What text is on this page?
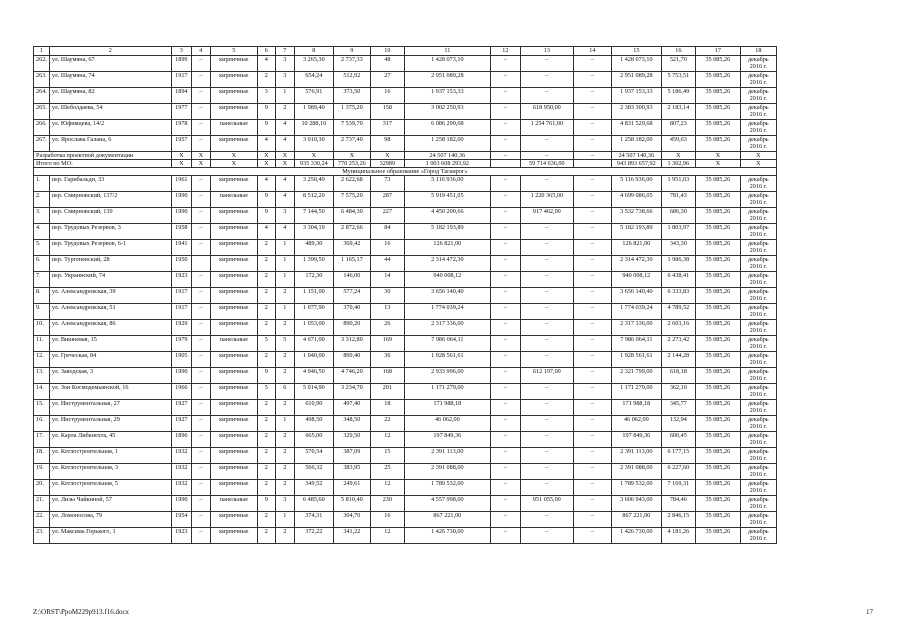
1	2	3	4	5	6	7	8	9	10	11	12	13	14	15	16	17	18
262.	ул. Шаумяна, 67	1899	–	кирпичные	4	3	3 265,30	2 737,33	48	1 428 073,10	–	–	–	1 428 073,10	521,70	35 085,26	декабрь 2016 г.
263.	ул. Шаумяна, 74	1917	–	кирпичные	2	3	654,24	512,92	27	2 951 089,28	–	–	–	2 951 089,28	5 753,51	35 085,26	декабрь 2016 г.
264.	ул. Шаумяна, 82	1894	–	кирпичные	3	1	576,91	373,50	16	1 937 153,33	–	–	–	1 937 153,33	5 186,49	35 085,26	декабрь 2016 г.
265.	ул. Шеболдаева, 54	1977	–	кирпичные	9	2	1 989,40	1 375,20	158	3 002 250,93	–	618 950,00	–	2 383 300,93	2 183,14	35 085,26	декабрь 2016 г.
266.	ул. Юфимцева, 14/2	1978	–	панельные	9	4	10 288,10	7 539,70	317	6 086 290,68	–	1 254 761,00	–	4 831 529,68	807,23	35 085,26	декабрь 2016 г.
267.	ул. Ярослава Галана, 6	1957	–	кирпичные	4	4	3 010,30	2 737,40	98	1 258 182,00	–	–	–	1 258 182,00	459,63	35 085,26	декабрь 2016 г.
Разработка проектной документации		X	X	X	X	X	X	X	X	24 507 140,36	–	–	–	24 507 140,36	X	X	X
Итого по МО:		X	X	X	X	X	935 330,24	770 253,26	32989	1 003 608 293,92		59 714 636,00		943 893 657,92	1 302,96	X	X
Муниципальное образование «Город Таганрог»																	
1.	пер. Гарибальди, 33	1961	–	кирпичные	4	4	3 250,49	2 622,68	73	5 116 936,00	–	–	–	5 116 936,00	1 951,03	35 085,26	декабрь 2016 г.
2.	пер. Смирновский, 137/2	1990	–	панельные	9	4	8 512,20	7 575,20	287	5 919 451,05	–	1 220 365,00	–	4 699 086,05	781,43	35 085,26	декабрь 2016 г.
3.	пер. Смирновский, 139	1990	–	кирпичные	9	3	7 144,50	6 484,30	227	4 450 200,66	–	917 462,00	–	3 532 738,66	686,30	35 085,26	декабрь 2016 г.
4.	пер. Трудовых Резервов, 3	1958	–	кирпичные	4	4	3 304,19	2 872,66	84	5 182 193,89	–	–	–	5 182 193,89	1 803,97	35 085,26	декабрь 2016 г.
5.	пер. Трудовых Резервов, 6-1	1941	–	кирпичные	2	1	489,30	369,42	16	126 821,00	–	–	–	126 821,00	343,30	35 085,26	декабрь 2016 г.
6.	пер. Тургеневский, 28	1950		кирпичные	2	1	1 399,50	1 165,17	44	2 314 472,30	–	–	–	2 314 472,30	1 986,38	35 085,26	декабрь 2016 г.
7.	пер. Украинский, 74	1923	–	кирпичные	2	1	172,30	146,00	14	940 008,12	–	–	–	940 008,12	6 438,41	35 085,26	декабрь 2016 г.
8.	ул. Александровская, 39	1917	–	кирпичные	2	2	1 151,00	577,24	30	3 656 140,40	–	–	–	3 656 140,40	6 333,83	35 085,26	декабрь 2016 г.
9.	ул. Александровская, 51	1917	–	кирпичные	2	1	1 077,90	370,40	13	1 774 039,24	–	–	–	1 774 039,24	4 789,52	35 085,26	декабрь 2016 г.
10.	ул. Александровская, 86	1929	–	кирпичные	2	2	1 053,00	890,20	26	2 317 336,00	–	–	–	2 317 336,00	2 603,16	35 085,26	декабрь 2016 г.
11.	ул. Вишневая, 15	1979	–	панельные	5	5	4 671,00	3 312,80	169	7 986 064,11	–	–	–	7 986 064,11	2 273,42	35 085,26	декабрь 2016 г.
12.	ул. Греческая, 84	1905	–	кирпичные	2	2	1 040,00	899,40	36	1 928 561,61	–	–	–	1 928 561,61	2 144,28	35 085,26	декабрь 2016 г.
13.	ул. Заводская, 3	1990	–	кирпичные	9	2	4 946,50	4 746,20	168	2 933 996,00	–	612 197,00	–	2 321 799,00	618,18	35 085,26	декабрь 2016 г.
14.	ул. Зои Космодемьянской, 16	1966	–	кирпичные	5	6	5 014,90	3 234,70	201	1 171 279,00	–	–	–	1 171 279,00	362,10	35 085,26	декабрь 2016 г.
15.	ул. Инструментальная, 27	1927	–	кирпичные	2	2	610,90	497,40	18	171 988,18	–	–	–	171 988,18	345,77	35 085,26	декабрь 2016 г.
16.	ул. Инструментальная, 29	1927	–	кирпичные	2	1	498,50	348,50	22	46 062,00	–	–	–	46 062,00	132,94	35 085,26	декабрь 2016 г.
17.	ул. Карла Либкнехта, 45	1896	–	кирпичные	2	2	665,00	329,50	12	197 849,36	–	–	–	197 849,36	600,45	35 085,26	декабрь 2016 г.
18.	ул. Котлостроительная, 1	1932	–	кирпичные	2	2	570,54	387,09	15	2 391 113,00	–	–	–	2 391 113,00	6 177,15	35 085,26	декабрь 2016 г.
19.	ул. Котлостроительная, 3	1932	–	кирпичные	2	2	566,32	383,95	25	2 391 088,00	–	–	–	2 391 088,00	6 227,60	35 085,26	декабрь 2016 г.
20.	ул. Котлостроительная, 5	1932	–	кирпичные	2	2	349,52	249,61	12	1 789 532,00	–	–	–	1 789 532,00	7 169,31	35 085,26	декабрь 2016 г.
21.	ул. Лизы Чайкиной, 57	1990	–	панельные	9	3	6 485,60	5 810,40	230	4 557 998,00	–	951 055,00	–	3 606 943,00	784,46	35 085,26	декабрь 2016 г.
22.	ул. Ломоносова, 79	1954	–	кирпичные	2	1	374,31	304,70	16	867 221,00	–	–	–	867 221,00	2 846,15	35 085,26	декабрь 2016 г.
23.	ул. Максима Горького, 1	1923	–	кирпичные	2	2	372,22	341,22	12	1 426 730,00	–	–	–	1 426 730,00	4 181,26	35 085,26	декабрь 2016 г.
Z:\ORST\PpoM229p913.f16.docx	17
